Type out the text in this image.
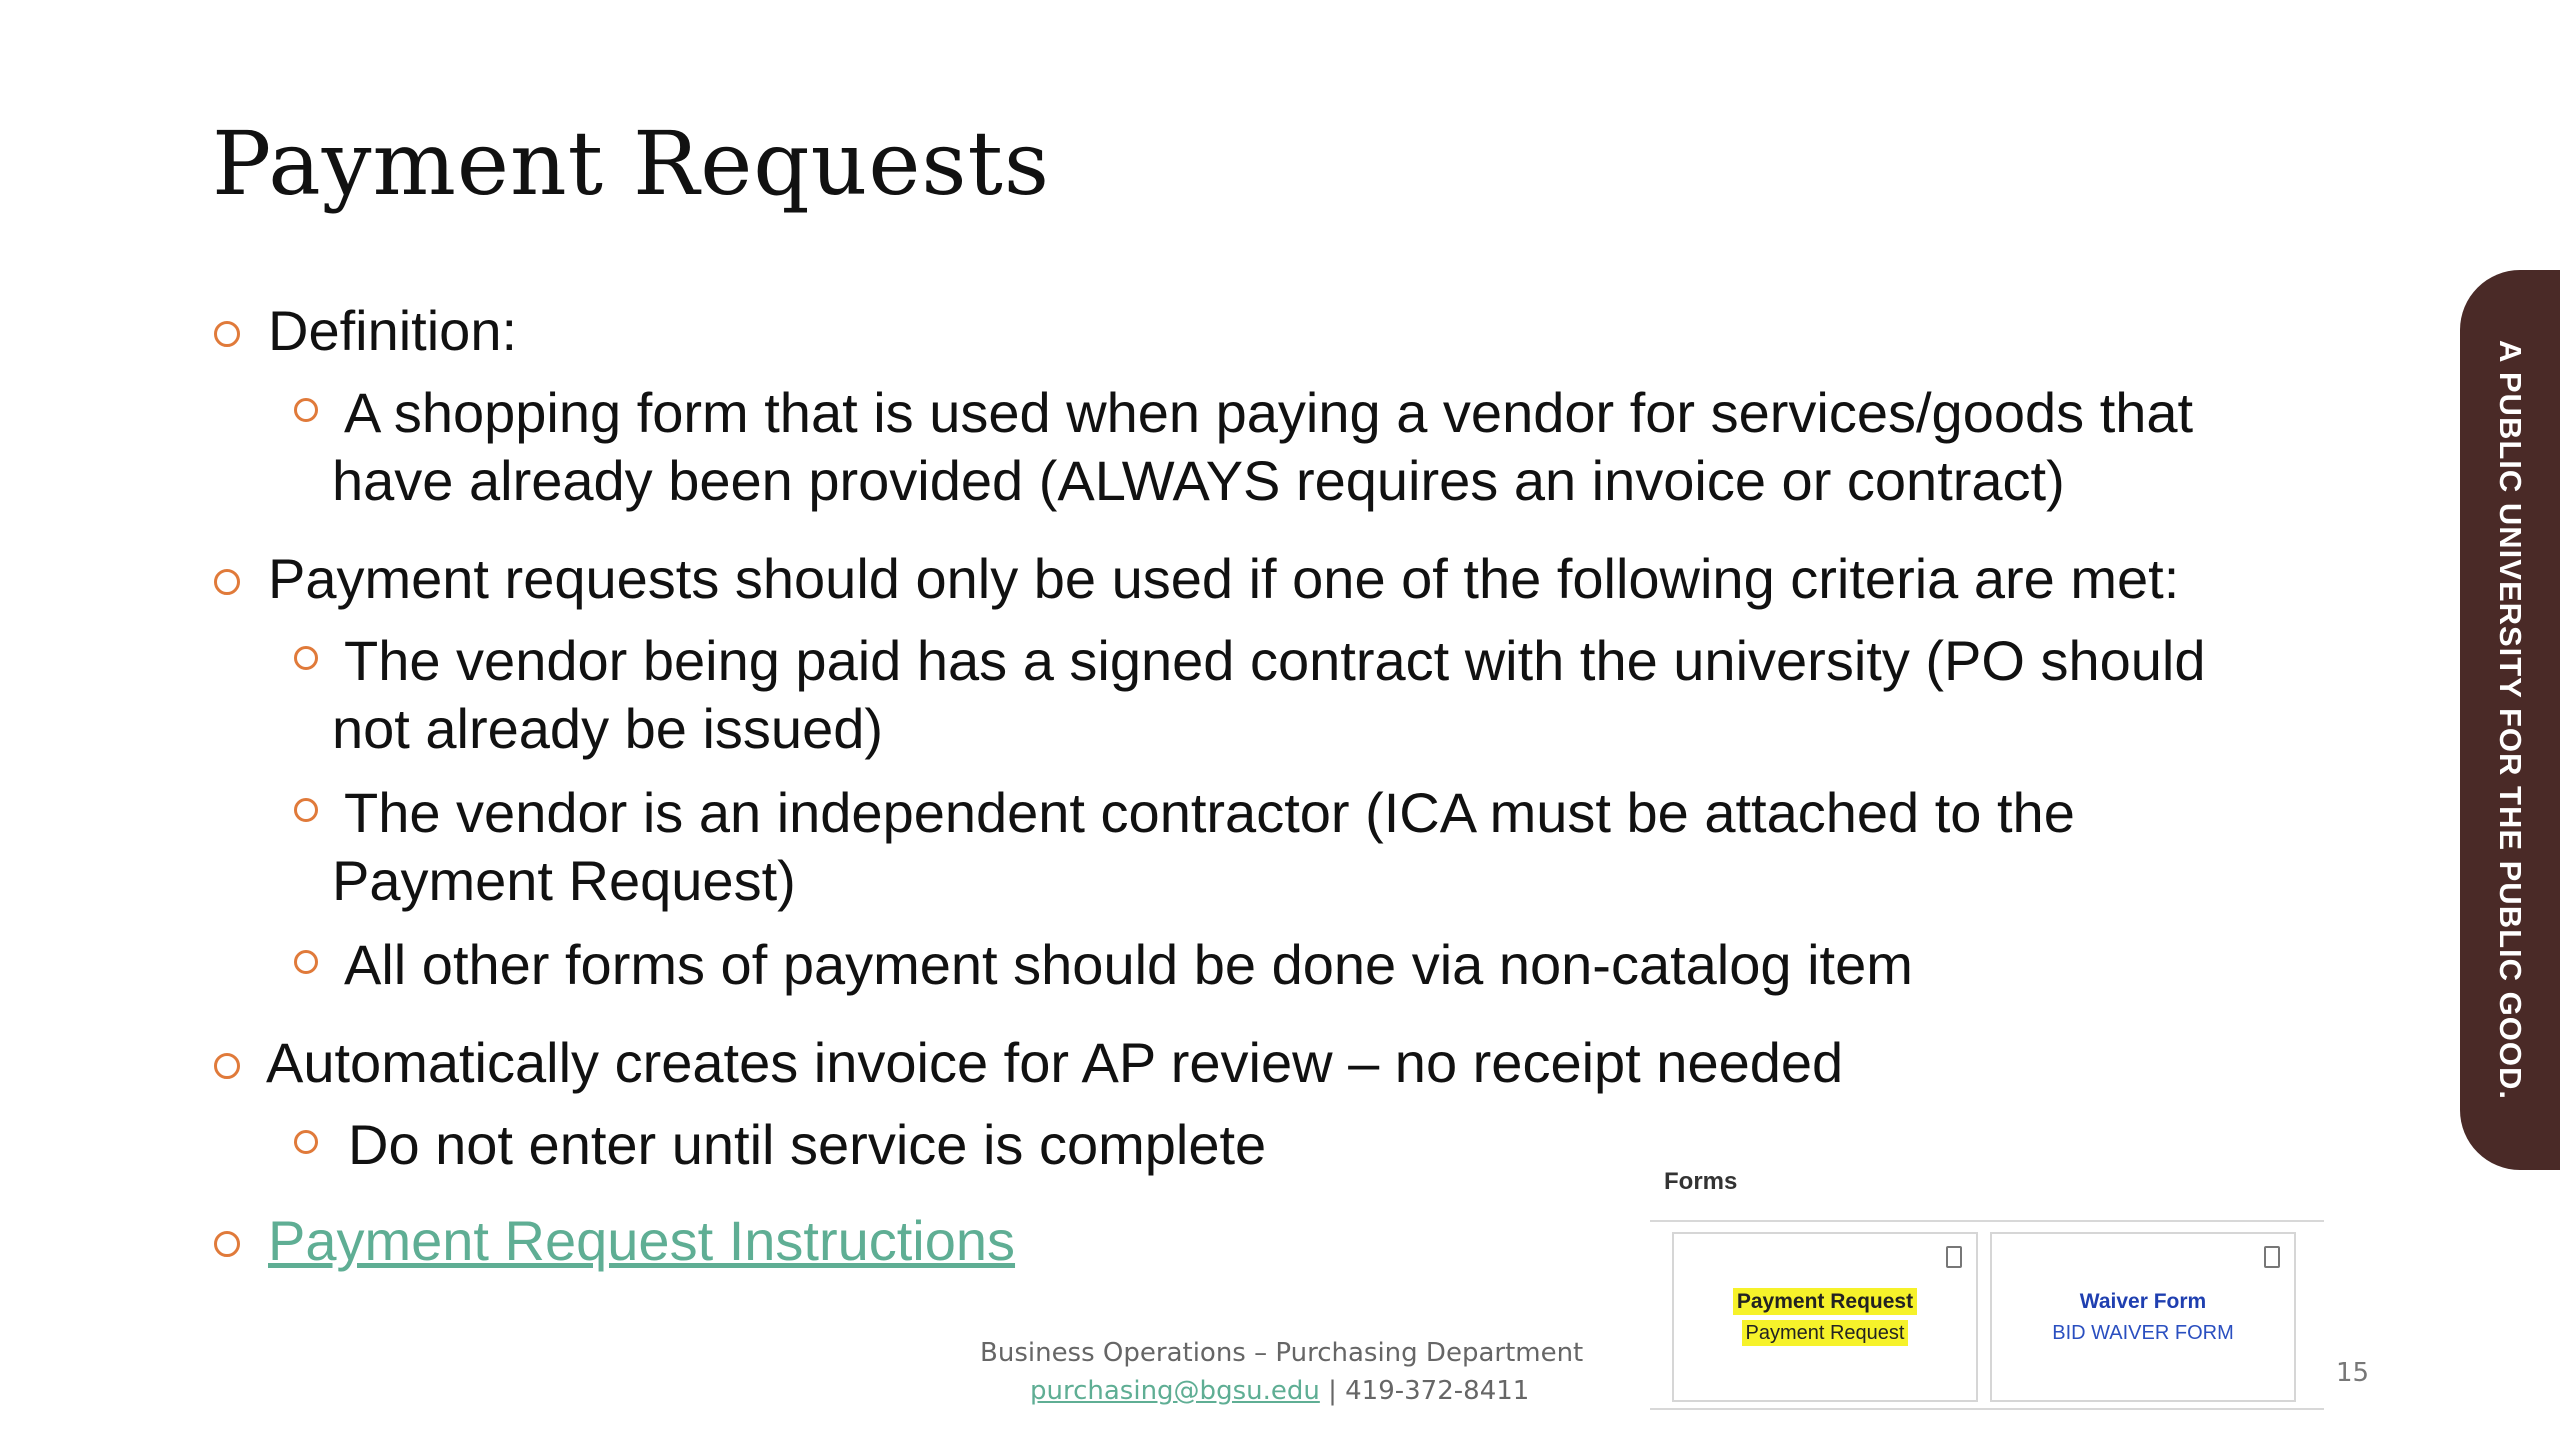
Payment Requests
Definition:
A shopping form that is used when paying a vendor for services/goods that
have already been provided (ALWAYS requires an invoice or contract)
Payment requests should only be used if one of the following criteria are met:
The vendor being paid has a signed contract with the university (PO should
not already be issued)
The vendor is an independent contractor (ICA must be attached to the
Payment Request)
All other forms of payment should be done via non-catalog item
Automatically creates invoice for AP review – no receipt needed
Do not enter until service is complete
Payment Request Instructions
A PUBLIC UNIVERSITY FOR THE PUBLIC GOOD.
Forms
Payment Request
Payment Request
Waiver Form
BID WAIVER FORM
Business Operations – Purchasing Department
purchasing@bgsu.edu | 419-372-8411
15
